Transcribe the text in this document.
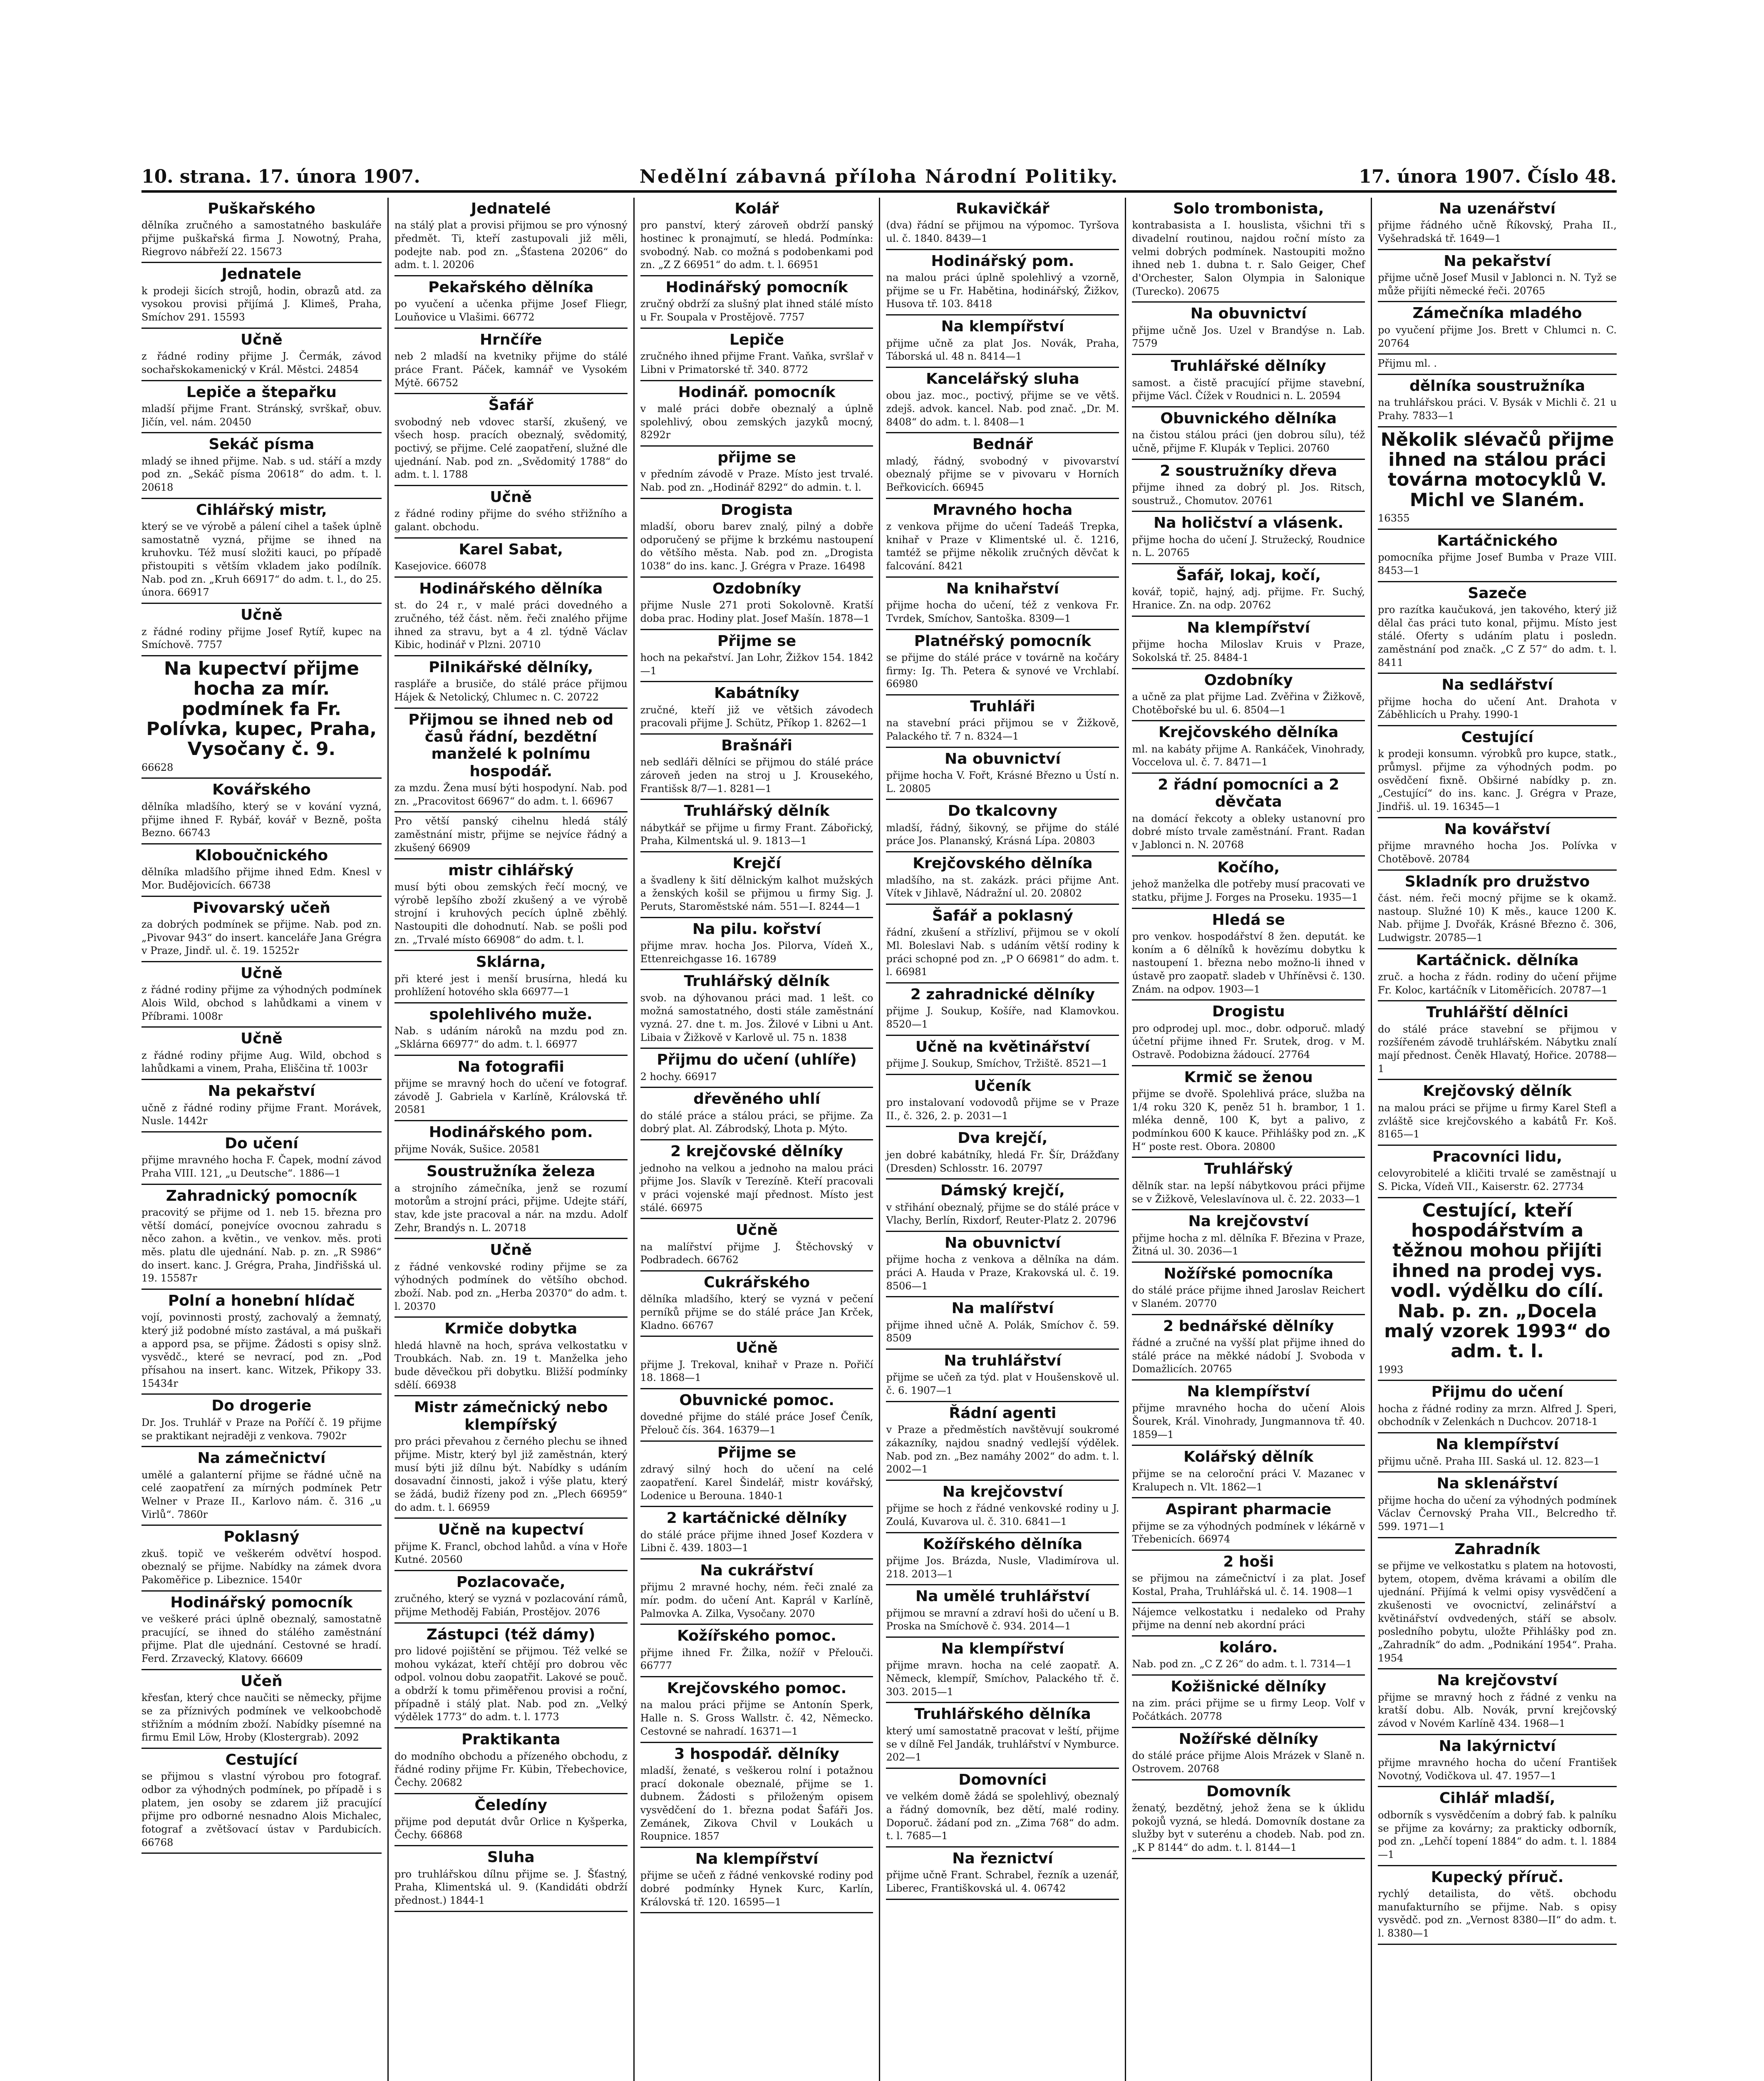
10. strana. 17. února 1907.	Nedělní zábavná příloha Národní Politiky.	17. února 1907. Číslo 48.
Puškařského
dělníka zručného a samostatného baskuláře přijme puškařská firma J. Nowotný, Praha, Riegrovo nábřeží 22. 15673
Jednatele
k prodeji šicích strojů, hodin, obrazů atd. za vysokou provisi přijímá J. Klimeš, Praha, Smíchov 291. 15593
Učně
z řádné rodiny přijme J. Čermák, závod sochařskokamenický v Král. Městci. 24854
Lepiče a štepařku
mladší přijme Frant. Stránský, svrškař, obuv. Jičín, vel. nám. 20450
Sekáč písma
mladý se ihned přijme. Nab. s ud. stáří a mzdy pod zn. „Sekáč písma 20618“ do adm. t. l. 20618
Cihlářský mistr,
který se ve výrobě a pálení cihel a tašek úplně samostatně vyzná, přijme se ihned na kruhovku. Též musí složiti kauci, po případě přistoupiti s větším vkladem jako podílník. Nab. pod zn. „Kruh 66917“ do adm. t. l., do 25. února. 66917
Učně
z řádné rodiny přijme Josef Rytíř, kupec na Smíchově. 7757
Na kupectví přijme hocha za mír. podmínek fa Fr. Polívka, kupec, Praha, Vysočany č. 9.
66628
Kovářského
dělníka mladšího, který se v kování vyzná, přijme ihned F. Rybář, kovář v Bezně, pošta Bezno. 66743
Kloboučnického
dělníka mladšího přijme ihned Edm. Knesl v Mor. Budějovicích. 66738
Pivovarský učeň
za dobrých podmínek se přijme. Nab. pod zn. „Pivovar 943“ do insert. kanceláře Jana Grégra v Praze, Jindř. ul. č. 19. 15252r
Učně
z řádné rodiny přijme za výhodných podmínek Alois Wild, obchod s lahůdkami a vinem v Příbrami. 1008r
Učně
z řádné rodiny přijme Aug. Wild, obchod s lahůdkami a vinem, Praha, Eliščina tř. 1003r
Na pekařství
učně z řádné rodiny přijme Frant. Morávek, Nusle. 1442r
Do učení
přijme mravného hocha F. Čapek, modní závod Praha VIII. 121, „u Deutsche“. 1886—1
Zahradnický pomocník
pracovitý se přijme od 1. neb 15. března pro větší domácí, ponejvíce ovocnou zahradu s něco zahon. a květin., ve venkov. měs. proti měs. platu dle ujednání. Nab. p. zn. „R S986“ do insert. kanc. J. Grégra, Praha, Jindřišská ul. 19. 15587r
Polní a honební hlídač
vojí, povinnosti prostý, zachovalý a žemnatý, který již podobné místo zastával, a má puškaři a appord psa, se přijme. Žádosti s opisy slnž. vysvědč., které se nevrací, pod zn. „Pod přísahou na insert. kanc. Witzek, Přikopy 33. 15434r
Do drogerie
Dr. Jos. Truhlář v Praze na Poříčí č. 19 přijme se praktikant nejraději z venkova. 7902r
Na zámečnictví
umělé a galanterní přijme se řádné učně na celé zaopatření za mírných podmínek Petr Welner v Praze II., Karlovo nám. č. 316 „u Virlů“. 7860r
Poklasný
zkuš. topič ve veškerém odvětví hospod. obeznalý se přijme. Nabídky na zámek dvora Pakoměřice p. Libeznice. 1540r
Hodinářský pomocník
ve veškeré práci úplně obeznalý, samostatně pracující, se ihned do stálého zaměstnání přijme. Plat dle ujednání. Cestovné se hradí. Ferd. Zrzavecký, Klatovy. 66609
Učeň
křesťan, který chce naučiti se německy, přijme se za příznivých podmínek ve velkoobchodě střižním a módním zboží. Nabídky písemné na firmu Emil Löw, Hroby (Klostergrab). 2092
Cestující
se přijmou s vlastní výrobou pro fotograf. odbor za výhodných podmínek, po případě i s platem, jen osoby se zdarem již pracující přijme pro odborné nesnadno Alois Michalec, fotograf a zvětšovací ústav v Pardubicích. 66768
Jednatelé
na stálý plat a provisi přijmou se pro výnosný předmět. Ti, kteří zastupovali již měli, podejte nab. pod zn. „Šťastenа 20206“ do adm. t. l. 20206
Pekařského dělníka
po vyučení a učenka přijme Josef Fliegr, Louňovice u Vlašimi. 66772
Hrnčíře
neb 2 mladší na kvetniky přijme do stálé práce Frant. Páček, kamnář ve Vysokém Mýtě. 66752
Šafář
svobodný neb vdovec starší, zkušený, ve všech hosp. pracích obeznalý, svědomitý, poctivý, se přijme. Celé zaopatření, služné dle ujednání. Nab. pod zn. „Svědomitý 1788“ do adm. t. l. 1788
Učně
z řádné rodiny přijme do svého střižního a galant. obchodu.
Karel Sabat,
Kasejovice. 66078
Hodinářského dělníka
st. do 24 r., v malé práci dovedného a zručného, též část. něm. řeči znalého přijme ihned za stravu, byt a 4 zl. týdně Václav Kibic, hodinář v Plzni. 20710
Pilnikářské dělníky,
raspláře a brusiče, do stálé práce přijmou Hájek & Netolický, Chlumec n. C. 20722
Přijmou se ihned neb od časů řádní, bezdětní manželé k polnímu hospodář.
za mzdu. Žena musí býti hospodyní. Nab. pod zn. „Pracovitost 66967“ do adm. t. l. 66967
Pro větší panský cihelnu hledá stálý zaměstnání mistr, přijme se nejvíce řádný a zkušený 66909
mistr cihlářský
musí býti obou zemských řečí mocný, ve výrobě lepšího zboží zkušený a ve výrobě strojní i kruhových pecích úplně zběhlý. Nastoupiti dle dohodnutí. Nab. se pošli pod zn. „Trvalé místo 66908“ do adm. t. l.
Sklárna,
při které jest i menší brusírna, hledá ku prohlížení hotového skla 66977—1
spolehlivého muže.
Nab. s udáním nároků na mzdu pod zn. „Sklárna 66977“ do adm. t. l. 66977
Na fotografii
přijme se mravný hoch do učení ve fotograf. závodě J. Gabriela v Karlíně, Královská tř. 20581
Hodinářského pom.
přijme Novák, Sušice. 20581
Soustružníka železa
a strojního zámečníka, jenž se rozumí motorům a strojní práci, přijme. Udejte stáří, stav, kde jste pracoval a nár. na mzdu. Adolf Zehr, Brandýs n. L. 20718
Učně
z řádné venkovské rodiny přijme se za výhodných podmínek do většího obchod. zboží. Nab. pod zn. „Herba 20370“ do adm. t. l. 20370
Krmiče dobytka
hledá hlavně na hoch, správa velkostatku v Troubkách. Nab. zn. 19 t. Manželka jeho bude děvečkou při dobytku. Bližší podmínky sdělí. 66938
Mistr zámečnický nebo klempířský
pro práci převahou z černého plechu se ihned přijme. Mistr, který byl již zaměstnán, který musí býti již dílnu být. Nabídky s udáním dosavadní činnosti, jakož i výše platu, který se žádá, budiž řízeny pod zn. „Plech 66959“ do adm. t. l. 66959
Učně na kupectví
přijme K. Francl, obchod lahůd. a vína v Hoře Kutné. 20560
Pozlacovače,
zručného, který se vyzná v pozlacování rámů, přijme Methoděj Fabián, Prostějov. 2076
Zástupci (též dámy)
pro lidové pojištění se přijmou. Též velké se mohou vykázat, kteří chtějí pro dobrou věc odpol. volnou dobu zaopatřit. Lakové se pouč. a obdrží k tomu přiměřenou provisi a roční, případně i stálý plat. Nab. pod zn. „Velký výdělek 1773“ do adm. t. l. 1773
Praktikanta
do modního obchodu a přízeného obchodu, z řádné rodiny přijme Fr. Kübin, Třebechovice, Čechy. 20682
Čeledíny
přijme pod deputát dvůr Orlice n Kyšperka, Čechy. 66868
Sluha
pro truhlářskou dílnu přijme se. J. Šťastný, Praha, Klimentská ul. 9. (Kandidáti obdrží přednost.) 1844-1
Kolář
pro panství, který zároveň obdrží panský hostinec k pronajmutí, se hledá. Podmínka: svobodný. Nab. co možná s podobenkami pod zn. „Z Z 66951“ do adm. t. l. 66951
Hodinářský pomocník
zručný obdrží za slušný plat ihned stálé místo u Fr. Soupala v Prostějově. 7757
Lepiče
zručného ihned přijme Frant. Vaňka, svršlař v Libni v Primatorské tř. 340. 8772
Hodinář. pomocník
v malé práci dobře obeznalý a úplně spolehlivý, obou zemských jazyků mocný, 8292r
přijme se
v předním závodě v Praze. Místo jest trvalé. Nab. pod zn. „Hodinář 8292“ do admin. t. l.
Drogista
mladší, oboru barev znalý, pilný a dobře odporučený se přijme k brzkému nastoupení do většího města. Nab. pod zn. „Drogista 1038“ do ins. kanc. J. Grégra v Praze. 16498
Ozdobníky
přijme Nusle 271 proti Sokolovně. Kratší doba prac. Hodiny plat. Josef Mašín. 1878—1
Přijme se
hoch na pekařství. Jan Lohr, Žižkov 154. 1842—1
Kabátníky
zručné, kteří již ve většich závodech pracovali přijme J. Schütz, Příkop 1. 8262—1
Brašnáři
neb sedláři dělníci se přijmou do stálé práce zároveň jeden na stroj u J. Krousekého, Františsk 8/7—1. 8281—1
Truhlářský dělník
nábytkář se přijme u firmy Frant. Zábořický, Praha, Kilmentská ul. 9. 1813—1
Krejčí
a švadleny k šití dělnickým kalhot mužských a ženských košil se přijmou u firmy Sig. J. Peruts, Staroměstské nám. 551—I. 8244—1
Na pilu. kořství
přijme mrav. hocha Jos. Pilorva, Vídeň X., Ettenreichgasse 16. 16789
Truhlářský dělník
svob. na dýhovanou práci mad. 1 lešt. co možná samostatného, dosti stále zaměstnání vyzná. 27. dne t. m. Jos. Žilové v Libni u Ant. Libaia v Žižkově v Karlově ul. 75 n. 1838
Přijmu do učení (uhlíře)
2 hochy. 66917
dřevěného uhlí
do stálé práce a stálou práci, se přijme. Za dobrý plat. Al. Zábrodský, Lhota p. Mýto.
2 krejčovské dělníky
jednoho na velkou a jednoho na malou práci přijme Jos. Slavík v Terezíně. Kteří pracovali v práci vojenské mají přednost. Místo jest stálé. 66975
Učně
na malířství přijme J. Štěchovský v Podbradech. 66762
Cukrářského
dělníka mladšího, který se vyzná v pečení perníků přijme se do stálé práce Jan Krček, Kladno. 66767
Učně
přijme J. Trekoval, knihař v Praze n. Pořičí 18. 1868—1
Obuvnické pomoc.
dovedné přijme do stálé práce Josef Čeník, Přelouč čís. 364. 16379—1
Přijme se
zdravý silný hoch do učení na celé zaopatření. Karel Šindelář, mistr kovářský, Lodenice u Berouna. 1840-1
2 kartáčnické dělníky
do stálé práce přijme ihned Josef Kozdera v Libni č. 439. 1803—1
Na cukrářství
přijmu 2 mravné hochy, ném. řeči znalé za mír. podm. do učení Ant. Kaprál v Karlíně, Palmovka A. Zilka, Vysočany. 2070
Kožířského pomoc.
přijme ihned Fr. Žilka, nožíř v Přelouči. 66777
Krejčovského pomoc.
na malou práci přijme se Antonín Sperk, Halle n. S. Gross Wallstr. č. 42, Německo. Cestovné se nahradí. 16371—1
3 hospodář. dělníky
mladší, ženaté, s veškerou rolní i potažnou prací dokonale obeznalé, přijme se 1. dubnem. Žádosti s přiloženým opisem vysvědčení do 1. března podat Šafáři Jos. Zemánek, Zikova Chvil v Loukách u Roupnice. 1857
Na klempířství
přijme se učeň z řádné venkovské rodiny pod dobré podmínky Hynek Kurc, Karlín, Královská tř. 120. 16595—1
Rukavičkář
(dva) řádní se přijmou na výpomoc. Tyršova ul. č. 1840. 8439—1
Hodinářský pom.
na malou práci úplně spolehlivý a vzorně, přijme se u Fr. Habětina, hodinářský, Žižkov, Husova tř. 103. 8418
Na klempířství
přijme učně za plat Jos. Novák, Praha, Táborská ul. 48 n. 8414—1
Kancelářský sluha
obou jaz. moc., poctivý, přijme se ve větš. zdejš. advok. kancel. Nab. pod znač. „Dr. M. 8408“ do adm. t. l. 8408—1
Bednář
mladý, řádný, svobodný v pivovarství obeznalý přijme se v pivovaru v Horních Beřkovicích. 66945
Mravného hocha
z venkova přijme do učení Tadeáš Trepka, knihař v Praze v Klimentské ul. č. 1216, tamtéž se přijme několik zručných děvčat k falcování. 8421
Na knihařství
přijme hocha do učení, též z venkova Fr. Tvrdek, Smíchov, Santoška. 8309—1
Platnéřský pomocník
se přijme do stálé práce v továrně na kočáry firmy: Ig. Th. Petera & synové ve Vrchlabí. 66980
Truhláři
na stavební práci přijmou se v Žižkově, Palackého tř. 7 n. 8324—1
Na obuvnictví
přijme hocha V. Fořt, Krásné Březno u Ústí n. L. 20805
Do tkalcovny
mladší, řádný, šikovný, se přijme do stálé práce Jos. Plananský, Krásná Lípa. 20803
Krejčovského dělníka
mladšího, na st. zakázk. práci přijme Ant. Vítek v Jihlavě, Nádražní ul. 20. 20802
Šafář a poklasný
řádní, zkušení a střízliví, přijmou se v okolí Ml. Boleslavi Nab. s udáním větší rodiny k práci schopné pod zn. „P O 66981“ do adm. t. l. 66981
2 zahradnické dělníky
přijme J. Soukup, Košíře, nad Klamovkou. 8520—1
Učně na květinářství
přijme J. Soukup, Smíchov, Tržiště. 8521—1
Učeník
pro instalovaní vodovodů přijme se v Praze II., č. 326, 2. p. 2031—1
Dva krejčí,
jen dobré kabátníky, hledá Fr. Šír, Drážďany (Dresden) Schlosstr. 16. 20797
Dámský krejčí,
v střihání obeznalý, přijme se do stálé práce v Vlachy, Berlín, Rixdorf, Reuter-Platz 2. 20796
Na obuvnictví
přijme hocha z venkova a dělníka na dám. práci A. Hauda v Praze, Krakovská ul. č. 19. 8506—1
Na malířství
přijme ihned učně A. Polák, Smíchov č. 59. 8509
Na truhlářství
přijme se učeň za týd. plat v Houšenskově ul. č. 6. 1907—1
Řádní agenti
v Praze a předměstích navštěvují soukromé zákazníky, najdou snadný vedlejší výdělek. Nab. pod zn. „Bez namáhy 2002“ do adm. t. l. 2002—1
Na krejčovství
přijme se hoch z řádné venkovské rodiny u J. Zoulá, Kuvarova ul. č. 310. 6841—1
Kožířského dělníka
přijme Jos. Brázda, Nusle, Vladimírova ul. 218. 2013—1
Na umělé truhlářství
přijmou se mravní a zdraví hoši do učení u B. Proska na Smíchově č. 934. 2014—1
Na klempířství
přijme mravn. hocha na celé zaopatř. A. Německ, klempíř, Smíchov, Palackého tř. č. 303. 2015—1
Truhlářského dělníka
který umí samostatně pracovat v leští, přijme se v dílně Fel Jandák, truhlářství v Nymburce. 202—1
Domovníci
ve velkém domě žádá se spolehlivý, obeznalý a řádný domovník, bez dětí, malé rodiny. Doporuč. žádaní pod zn. „Zima 768“ do adm. t. l. 7685—1
Na řeznictví
přijme učně Frant. Schrabel, řezník a uzenář, Liberec, Františkovská ul. 4. 06742
Solo trombonistа,
kontrabasista a I. houslista, všichni tři s divadelní routinou, najdou roční místo za velmi dobrých podmínek. Nastoupiti možno ihned neb 1. dubna t. r. Salo Geiger, Chef d'Orchester, Salon Olympia in Salonique (Turecko). 20675
Na obuvnictví
přijme učně Jos. Uzel v Brandýse n. Lab. 7579
Truhlářské dělníky
samost. a čistě pracující přijme stavební, přijme Václ. Čížek v Roudnici n. L. 20594
Obuvnického dělníka
na čistou stálou práci (jen dobrou sílu), též učně, přijme F. Klupák v Teplici. 20760
2 soustružníky dřeva
přijme ihned za dobrý pl. Jos. Ritsch, soustruž., Chomutov. 20761
Na holičství a vlásenk.
přijme hocha do učení J. Stružecký, Roudnice n. L. 20765
Šafář, lokaj, kočí,
kovář, topič, hajný, adj. přijme. Fr. Suchý, Hranice. Zn. na odp. 20762
Na klempířství
přijme hocha Miloslav Kruis v Praze, Sokolská tř. 25. 8484-1
Ozdobníky
a učně za plat přijme Lad. Zvěřina v Žižkově, Chotěbořské bu ul. 6. 8504—1
Krejčovského dělníka
ml. na kabáty přijme A. Rankáček, Vinohrady, Voccelova ul. č. 7. 8471—1
2 řádní pomocníci a 2 děvčata
na domácí řekcoty a obleky ustanovní pro dobré místo trvale zaměstnání. Frant. Radan v Jablonci n. N. 20768
Kočího,
jehož manželka dle potřeby musí pracovati ve statku, přijme J. Forges na Proseku. 1935—1
Hledá se
pro venkov. hospodářství 8 žen. deputát. ke koním a 6 dělníků k hovězímu dobytku k nastoupení 1. března nebo možno-li ihned v ústavě pro zaopatř. sladeb v Uhříněvsi č. 130. Znám. na odpov. 1903—1
Drogistu
pro odprodej upl. moc., dobr. odporuč. mladý účetní přijme ihned Fr. Srutek, drog. v M. Ostravě. Podobizna žádoucí. 27764
Krmič se ženou
přijme se dvořě. Spolehlivá práce, služba na 1/4 roku 320 K, peněz 51 h. brambor, 1 1. mléka denně, 100 K, byt a palivo, z podmínkou 600 K kauce. Přihlášky pod zn. „K H“ poste rest. Obora. 20800
Truhlářský
dělník star. na lepší nábytkovou práci přijme se v Žižkově, Veleslavínova ul. č. 22. 2033—1
Na krejčovství
přijme hocha z ml. dělníka F. Březina v Praze, Žitná ul. 30. 2036—1
Nožířské pomocníka
do stálé práce přijme ihned Jaroslav Reichert v Slaném. 20770
2 bednářské dělníky
řádné a zručné na vyšší plat přijme ihned do stálé práce na měkké nádobí J. Svoboda v Domažlicích. 20765
Na klempířství
přijme mravného hocha do učení Alois Šourek, Král. Vinohrady, Jungmannova tř. 40. 1859—1
Kolářský dělník
přijme se na celoroční práci V. Mazanec v Kralupech n. Vlt. 1862—1
Aspirant pharmacie
přijme se za výhodných podmínek v lékárně v Třebenicích. 66974
2 hoši
se přijmou na zámečnictví i za plat. Josef Kostal, Praha, Truhlářská ul. č. 14. 1908—1
Nájemce velkostatku i nedaleko od Prahy přijme na denní neb akordní práci
koláro.
Nab. pod zn. „C Z 26“ do adm. t. l. 7314—1
Kožišnické dělníky
na zim. práci přijme se u firmy Leop. Volf v Počátkách. 20778
Nožířské dělníky
do stálé práce přijme Alois Mrázek v Slaně n. Ostrovem. 20768
Domovník
ženatý, bezdětný, jehož žena se k úklidu pokojů vyzná, se hledá. Domovník dostane za služby byt v suterénu a chodeb. Nab. pod zn. „K P 8144“ do adm. t. l. 8144—1
Na uzenářství
přijme řádného učně Říkovský, Praha II., Vyšehradská tř. 1649—1
Na pekařství
přijme učně Josef Musil v Jablonci n. N. Tyž se může přijíti německé řeči. 20765
Zámečníka mladého
po vyučení přijme Jos. Brett v Chlumci n. C. 20764
Přijmu ml. .
dělníka soustružníka
na truhlářskou práci. V. Bysák v Michli č. 21 u Prahy. 7833—1
Několik slévačů přijme ihned na stálou práci továrna motocyklů V. Michl ve Slaném.
16355
Kartáčnického
pomocníka přijme Josef Bumba v Praze VIII. 8453—1
Sazeče
pro razítka kaučuková, jen takového, který již dělal čas práci tuto konal, přijmu. Místo jest stálé. Oferty s udáním platu i posledn. zaměstnání pod značk. „C Z 57“ do adm. t. l. 8411
Na sedlářství
přijme hocha do učení Ant. Drahota v Záběhlicích u Prahy. 1990-1
Cestující
k prodeji konsumn. výrobků pro kupce, statk., průmysl. přijme za výhodných podm. po osvědčení fixně. Obširné nabídky p. zn. „Cestující“ do ins. kanc. J. Grégra v Praze, Jindřiš. ul. 19. 16345—1
Na kovářství
přijme mravného hocha Jos. Polívka v Chotěbově. 20784
Skladník pro družstvo
část. ném. řeči mocný přijme se k okamž. nastoup. Služné 10) K měs., kauce 1200 K. Nab. přijme J. Dvořák, Krásné Březno č. 306, Ludwigstr. 20785—1
Kartáčnick. dělníka
zruč. a hocha z řádn. rodiny do učení přijme Fr. Koloc, kartáčník v Litoměřicích. 20787—1
Truhlářští dělníci
do stálé práce stavební se přijmou v rozšířeném závodě truhlářském. Nábytku znalí mají přednost. Čeněk Hlavatý, Hořice. 20788—1
Krejčovský dělník
na malou práci se přijme u firmy Karel Stefl a zvláště sice krejčovského a kabátů Fr. Koš. 8165—1
Pracovníci lidu,
celovyrobitelé a kličiti trvalé se zaměstnají u S. Picka, Vídeň VII., Kaiserstr. 62. 27734
Cestující, kteří hospodářstvím a těžnou mohou přijíti ihned na prodej vys. vodl. výdělku do cílí. Nab. p. zn. „Docela malý vzorek 1993“ do adm. t. l.
1993
Přijmu do učení
hocha z řádné rodiny za mrzn. Alfred J. Speri, obchodník v Zelenkách n Duchcov. 20718-1
Na klempířství
přijmu učně. Praha III. Saská ul. 12. 823—1
Na sklenářství
přijme hocha do učení za výhodných podmínek Václav Černovský Praha VII., Belcredho tř. 599. 1971—1
Zahradník
se přijme ve velkostatku s platem na hotovosti, bytem, otopem, dvěma krávami a obilím dle ujednání. Přijímá k velmi opisy vysvědčení a zkušenosti ve ovocnictví, zelinářství a květinářství ovdvedených, stáří se absolv. posledního pobytu, uložte Přihlášky pod zn. „Zahradník“ do adm. „Podnikání 1954“. Praha. 1954
Na krejčovství
přijme se mravný hoch z řádné z venku na kratší dobu. Alb. Novák, první krejčovský závod v Novém Karlíně 434. 1968—1
Na lakýrnictví
přijme mravného hocha do učení František Novotný, Vodičkova ul. 47. 1957—1
Cihlář mladší,
odborník s vysvědčením a dobrý fab. k palníku se přijme za kovárny; za prakticky odborník, pod zn. „Lehčí topení 1884“ do adm. t. l. 1884—1
Kupecký příruč.
rychlý detailista, do větš. obchodu manufakturního se přijme. Nab. s opisy vysvědč. pod zn. „Vernost 8380—II“ do adm. t. l. 8380—1
